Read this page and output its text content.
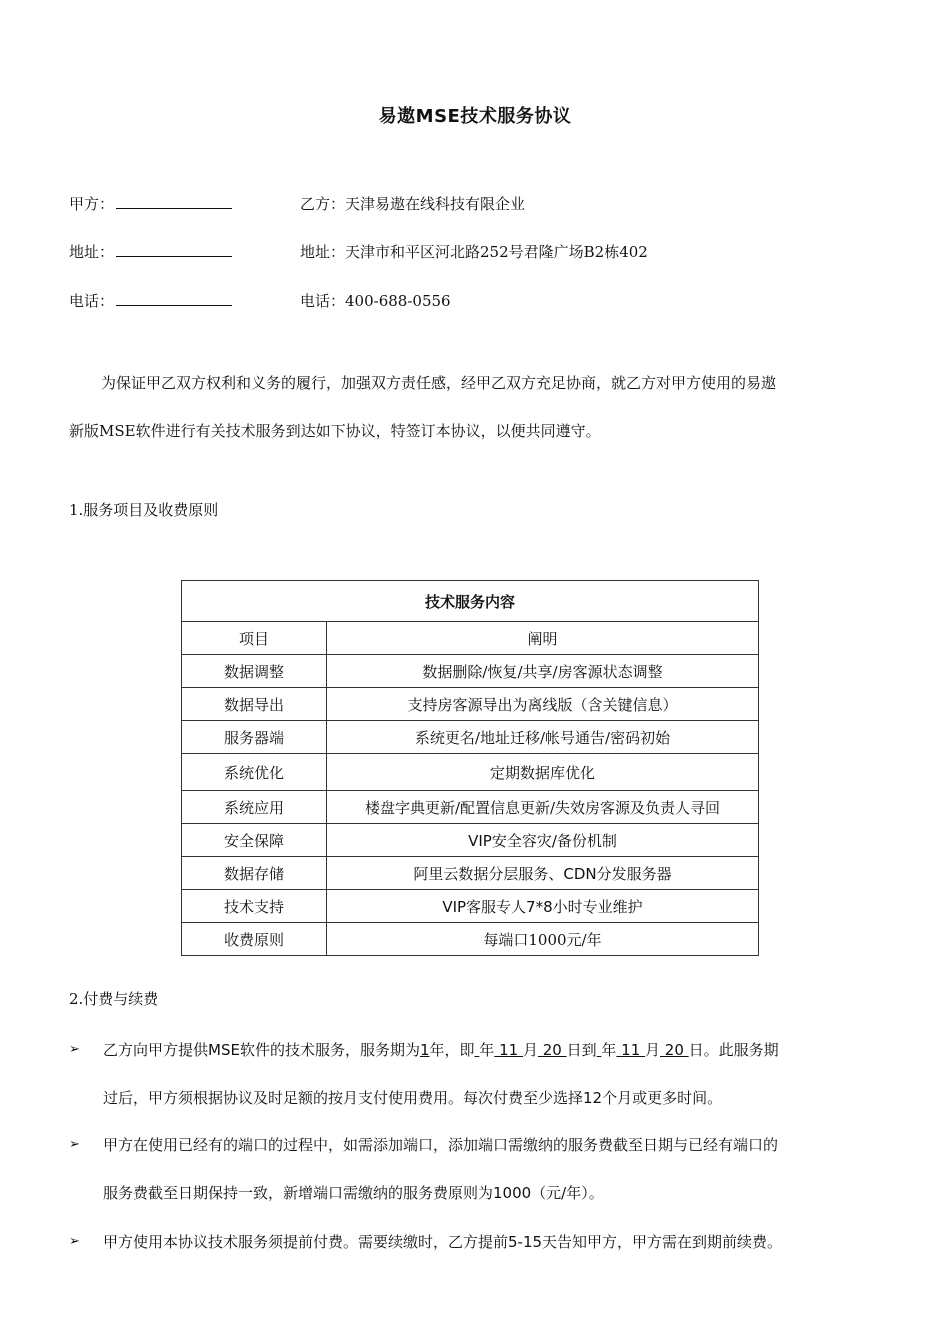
易遨MSE技术服务协议
甲方：	乙方：天津易遨在线科技有限企业
地址：	地址：天津市和平区河北路252号君隆广场B2栋402
电话：	电话：400-688-0556
为保证甲乙双方权利和义务的履行，加强双方责任感，经甲乙双方充足协商，就乙方对甲方使用的易遨
新版MSE软件进行有关技术服务到达如下协议，特签订本协议，以便共同遵守。
1.服务项目及收费原则
技术服务内容	
项目	阐明
数据调整	数据删除/恢复/共享/房客源状态调整
数据导出	支持房客源导出为离线版（含关键信息）
服务器端	系统更名/地址迁移/帐号通告/密码初始
系统优化	定期数据库优化
系统应用	楼盘字典更新/配置信息更新/失效房客源及负责人寻回
安全保障	VIP安全容灾/备份机制
数据存储	阿里云数据分层服务、CDN分发服务器
技术支持	VIP客服专人7*8小时专业维护
收费原则	每端口1000元/年
2.付费与续费
➢ 乙方向甲方提供MSE软件的技术服务，服务期为1年，即 年 11 月 20 日到 年 11 月 20 日。此服务期
过后，甲方须根据协议及时足额的按月支付使用费用。每次付费至少选择12个月或更多时间。
➢ 甲方在使用已经有的端口的过程中，如需添加端口，添加端口需缴纳的服务费截至日期与已经有端口的
服务费截至日期保持一致，新增端口需缴纳的服务费原则为1000（元/年）。
➢ 甲方使用本协议技术服务须提前付费。需要续缴时，乙方提前5-15天告知甲方，甲方需在到期前续费。
